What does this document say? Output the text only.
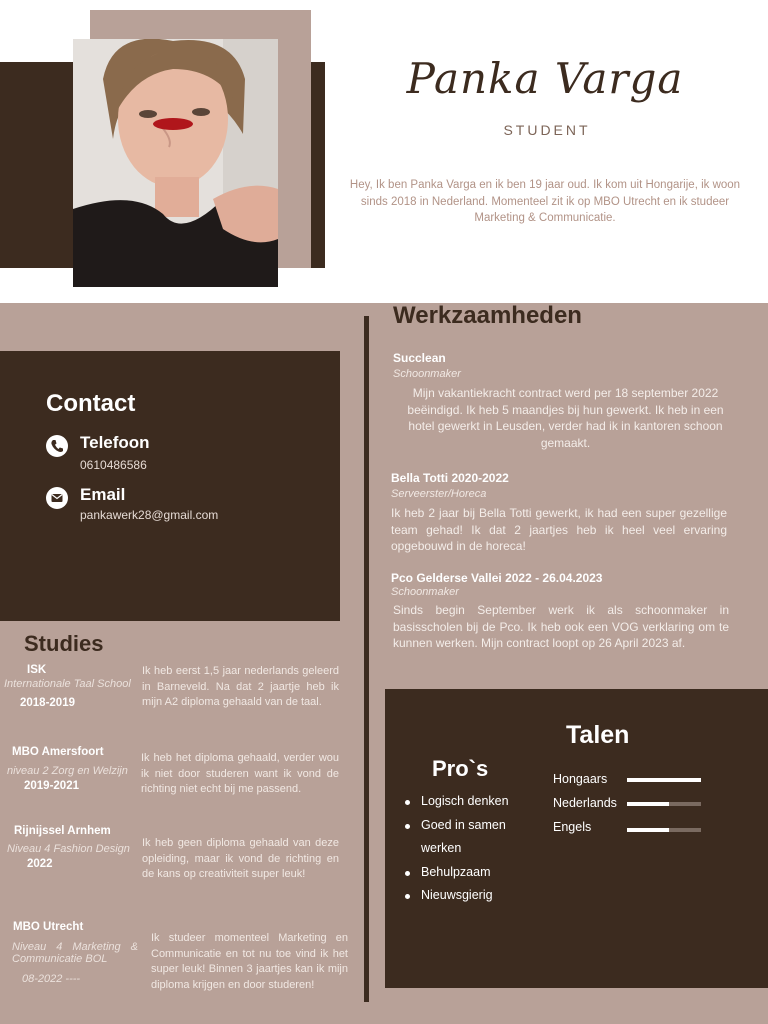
Panka Varga
STUDENT
Hey, Ik ben Panka Varga en ik ben 19 jaar oud. Ik kom uit Hongarije, ik woon sinds 2018 in Nederland. Momenteel zit ik op MBO Utrecht en ik studeer Marketing & Communicatie.
Contact
Telefoon
0610486586
Email
pankawerk28@gmail.com
Studies
ISK
Internationale Taal School
2018-2019
Ik heb eerst 1,5 jaar nederlands geleerd in Barneveld. Na dat 2 jaartje heb ik mijn A2 diploma gehaald van de taal.
MBO Amersfoort
niveau 2 Zorg en Welzijn
2019-2021
Ik heb het diploma gehaald, verder wou ik niet door studeren want ik vond de richting niet echt bij me passend.
Rijnijssel Arnhem
Niveau 4 Fashion Design
2022
Ik heb geen diploma gehaald van deze opleiding, maar ik vond de richting en de kans op creativiteit super leuk!
MBO Utrecht
Niveau 4 Marketing & Communicatie BOL
08-2022 ----
Ik studeer momenteel Marketing en Communicatie en tot nu toe vind ik het super leuk! Binnen 3 jaartjes kan ik mijn diploma krijgen en door studeren!
Werkzaamheden
Succlean
Schoonmaker
Mijn vakantiekracht contract werd per 18 september 2022 beëindigd. Ik heb 5 maandjes bij hun gewerkt. Ik heb in een hotel gewerkt in Leusden, verder had ik in kantoren schoon gemaakt.
Bella Totti 2020-2022
Serveerster/Horeca
Ik heb 2 jaar bij Bella Totti gewerkt, ik had een super gezellige team gehad! Ik dat 2 jaartjes heb ik heel veel ervaring opgebouwd in de horeca!
Pco Gelderse Vallei 2022 - 26.04.2023
Schoonmaker
Sinds begin September werk ik als schoonmaker in basisscholen bij de Pco. Ik heb ook een VOG verklaring om te kunnen werken. Mijn contract loopt op 26 April 2023 af.
Talen
Pro`s
Logisch denken
Goed in samen werken
Behulpzaam
Nieuwsgierig
Hongaars
Nederlands
Engels
